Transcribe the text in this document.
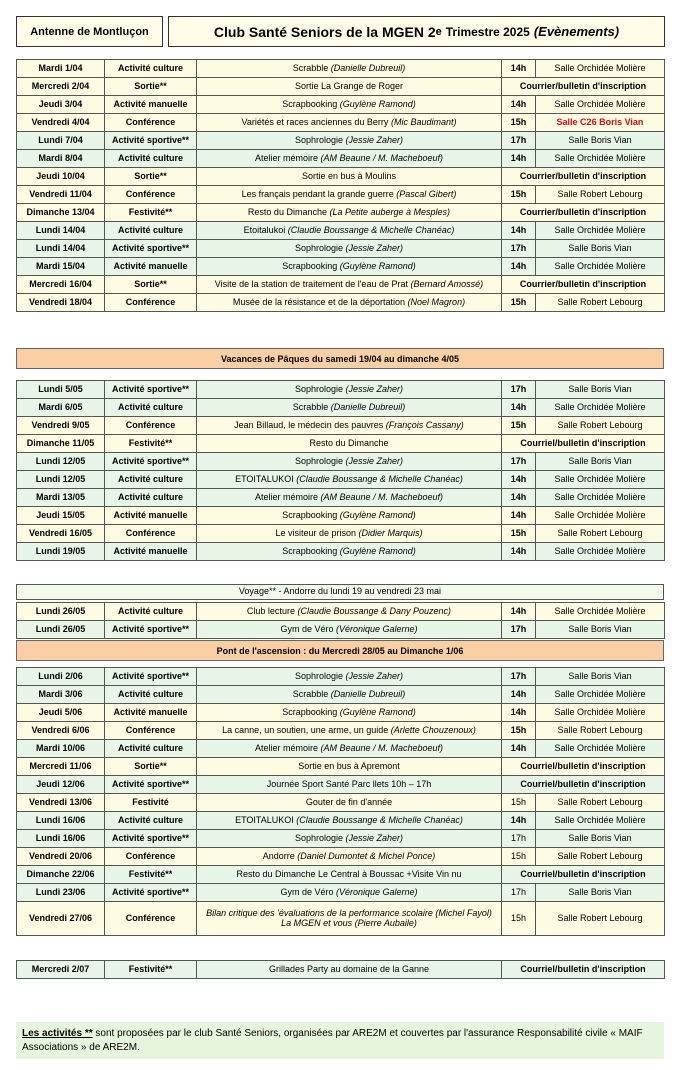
Antenne de Montluçon	Club Santé Seniors de la MGEN 2 e Trimestre 2025 (Evènements)
Mardi 1/04	Activité culture	Scrabble (Danielle Dubreuil)	14h	Salle Orchidée Molière
Mercredi 2/04	Sortie**	Sortie La Grange de Roger	Courrier/bulletin d'inscription	
Jeudi 3/04	Activité manuelle	Scrapbooking (Guylène Ramond)	14h	Salle Orchidée Molière
Vendredi 4/04	Conférence	Variétés et races anciennes du Berry (Mic Baudimant)	15h	Salle C26 Boris Vian
Lundi 7/04	Activité sportive**	Sophrologie (Jessie Zaher)	17h	Salle Boris Vian
Mardi 8/04	Activité culture	Atelier mémoire (AM Beaune / M. Macheboeuf)	14h	Salle Orchidée Molière
Jeudi 10/04	Sortie**	Sortie en bus à Moulins	Courrier/bulletin d'inscription	
Vendredi 11/04	Conférence	Les français pendant la grande guerre (Pascal Gibert)	15h	Salle Robert Lebourg
Dimanche 13/04	Festivité**	Resto du Dimanche (La Petite auberge à Mesples)	Courrier/bulletin d'inscription	
Lundi 14/04	Activité culture	Etoitalukoi (Claudie Boussange & Michelle Chanéac)	14h	Salle Orchidée Molière
Lundi 14/04	Activité sportive**	Sophrologie (Jessie Zaher)	17h	Salle Boris Vian
Mardi 15/04	Activité manuelle	Scrapbooking (Guylène Ramond)	14h	Salle Orchidée Molière
Mercredi 16/04	Sortie**	Visite de la station de traitement de l'eau de Prat (Bernard Amossé)	Courrier/bulletin d'inscription	
Vendredi 18/04	Conférence	Musée de la résistance et de la déportation (Noel Magron)	15h	Salle Robert Lebourg
Vacances de Pâques du samedi 19/04 au dimanche 4/05
Lundi 5/05	Activité sportive**	Sophrologie (Jessie Zaher)	17h	Salle Boris Vian
Mardi 6/05	Activité culture	Scrabble (Danielle Dubreuil)	14h	Salle Orchidée Molière
Vendredi 9/05	Conférence	Jean Billaud, le médecin des pauvres (François Cassany)	15h	Salle Robert Lebourg
Dimanche 11/05	Festivité**	Resto du Dimanche	Courriel/bulletin d'inscription	
Lundi 12/05	Activité sportive**	Sophrologie (Jessie Zaher)	17h	Salle Boris Vian
Lundi 12/05	Activité culture	ETOITALUKOI (Claudie Boussange & Michelle Chanéac)	14h	Salle Orchidée Molière
Mardi 13/05	Activité culture	Atelier mémoire (AM Beaune / M. Macheboeuf)	14h	Salle Orchidée Molière
Jeudi 15/05	Activité manuelle	Scrapbooking (Guylène Ramond)	14h	Salle Orchidée Molière
Vendredi 16/05	Conférence	Le visiteur de prison (Didier Marquis)	15h	Salle Robert Lebourg
Lundi 19/05	Activité manuelle	Scrapbooking (Guylène Ramond)	14h	Salle Orchidée Molière
Voyage** - Andorre du lundi 19 au vendredi 23 mai
Lundi 26/05	Activité culture	Club lecture (Claudie Boussange & Dany Pouzenc)	14h	Salle Orchidée Molière
Lundi 26/05	Activité sportive**	Gym de Véro (Véronique Galerne)	17h	Salle Boris Vian
Pont de l'ascension : du Mercredi 28/05 au Dimanche 1/06
Lundi 2/06	Activité sportive**	Sophrologie (Jessie Zaher)	17h	Salle Boris Vian
Mardi 3/06	Activité culture	Scrabble (Danielle Dubreuil)	14h	Salle Orchidée Molière
Jeudi 5/06	Activité manuelle	Scrapbooking (Guylène Ramond)	14h	Salle Orchidée Molière
Vendredi 6/06	Conférence	La canne, un soutien, une arme, un guide (Arlette Chouzenoux)	15h	Salle Robert Lebourg
Mardi 10/06	Activité culture	Atelier mémoire (AM Beaune / M. Macheboeuf)	14h	Salle Orchidée Molière
Mercredi 11/06	Sortie**	Sortie en bus à Apremont	Courriel/bulletin d'inscription	
Jeudi 12/06	Activité sportive**	Journée Sport Santé Parc llets 10h – 17h	Courriel/bulletin d'inscription	
Vendredi 13/06	Festivité	Gouter de fin d'année	15h	Salle Robert Lebourg
Lundi 16/06	Activité culture	ETOITALUKOI (Claudie Boussange & Michelle Chanéac)	14h	Salle Orchidée Molière
Lundi 16/06	Activité sportive**	Sophrologie (Jessie Zaher)	17h	Salle Boris Vian
Vendredi 20/06	Conférence	Andorre (Daniel Dumontet & Michel Ponce)	15h	Salle Robert Lebourg
Dimanche 22/06	Festivité**	Resto du Dimanche Le Central à Boussac +Visite Vin nu	Courriel/bulletin d'inscription	
Lundi 23/06	Activité sportive**	Gym de Véro (Véronique Galerne)	17h	Salle Boris Vian
Vendredi 27/06	Conférence	Bilan critique des 'évaluations de la performance scolaire (Michel Fayol)
La MGEN et vous (Pierre Aubaile)	15h	Salle Robert Lebourg
Mercredi 2/07	Festivité**	Grillades Party au domaine de la Ganne	Courriel/bulletin d'inscription
Les activités ** sont proposées par le club Santé Seniors, organisées par ARE2M et couvertes par l'assurance Responsabilité civile « MAIF Associations » de ARE2M.
